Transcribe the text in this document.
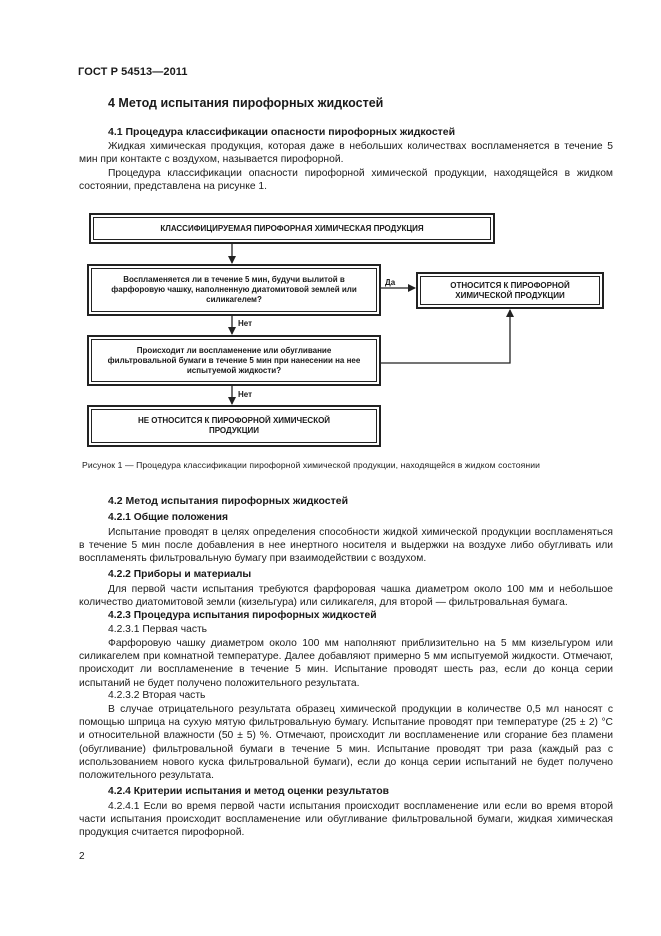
ГОСТ Р 54513—2011
4 Метод испытания пирофорных жидкостей
4.1 Процедура классификации опасности пирофорных жидкостей
Жидкая химическая продукция, которая даже в небольших количествах воспламеняется в течение 5 мин при контакте с воздухом, называется пирофорной.
Процедура классификации опасности пирофорной химической продукции, находящейся в жидком состоянии, представлена на рисунке 1.
КЛАССИФИЦИРУЕМАЯ ПИРОФОРНАЯ ХИМИЧЕСКАЯ ПРОДУКЦИЯ
Воспламеняется ли в течение 5 мин, будучи вылитой в фарфоровую чашку, наполненную диатомитовой землей или силикагелем?
ОТНОСИТСЯ К ПИРОФОРНОЙ ХИМИЧЕСКОЙ ПРОДУКЦИИ
Происходит ли воспламенение или обугливание фильтровальной бумаги в течение 5 мин при нанесении на нее испытуемой жидкости?
НЕ ОТНОСИТСЯ К ПИРОФОРНОЙ ХИМИЧЕСКОЙ ПРОДУКЦИИ
Да
Нет
Нет
Рисунок 1 — Процедура классификации пирофорной химической продукции, находящейся в жидком состоянии
4.2 Метод испытания пирофорных жидкостей
4.2.1 Общие положения
Испытание проводят в целях определения способности жидкой химической продукции воспламеняться в течение 5 мин после добавления в нее инертного носителя и выдержки на воздухе либо обугливать или воспламенять фильтровальную бумагу при взаимодействии с воздухом.
4.2.2 Приборы и материалы
Для первой части испытания требуются фарфоровая чашка диаметром около 100 мм и небольшое количество диатомитовой земли (кизельгура) или силикагеля, для второй — фильтровальная бумага.
4.2.3 Процедура испытания пирофорных жидкостей
4.2.3.1 Первая часть
Фарфоровую чашку диаметром около 100 мм наполняют приблизительно на 5 мм кизельгуром или силикагелем при комнатной температуре. Далее добавляют примерно 5 мм испытуемой жидкости. Отмечают, происходит ли воспламенение в течение 5 мин. Испытание проводят шесть раз, если до конца серии испытаний не будет получено положительного результата.
4.2.3.2 Вторая часть
В случае отрицательного результата образец химической продукции в количестве 0,5 мл наносят с помощью шприца на сухую мятую фильтровальную бумагу. Испытание проводят при температуре (25 ± 2) °С и относительной влажности (50 ± 5) %. Отмечают, происходит ли воспламенение или сгорание без пламени (обугливание) фильтровальной бумаги в течение 5 мин. Испытание проводят три раза (каждый раз с использованием нового куска фильтровальной бумаги), если до конца серии испытаний не будет получено положительного результата.
4.2.4 Критерии испытания и метод оценки результатов
4.2.4.1 Если во время первой части испытания происходит воспламенение или если во время второй части испытания происходит воспламенение или обугливание фильтровальной бумаги, жидкая химическая продукция считается пирофорной.
2
